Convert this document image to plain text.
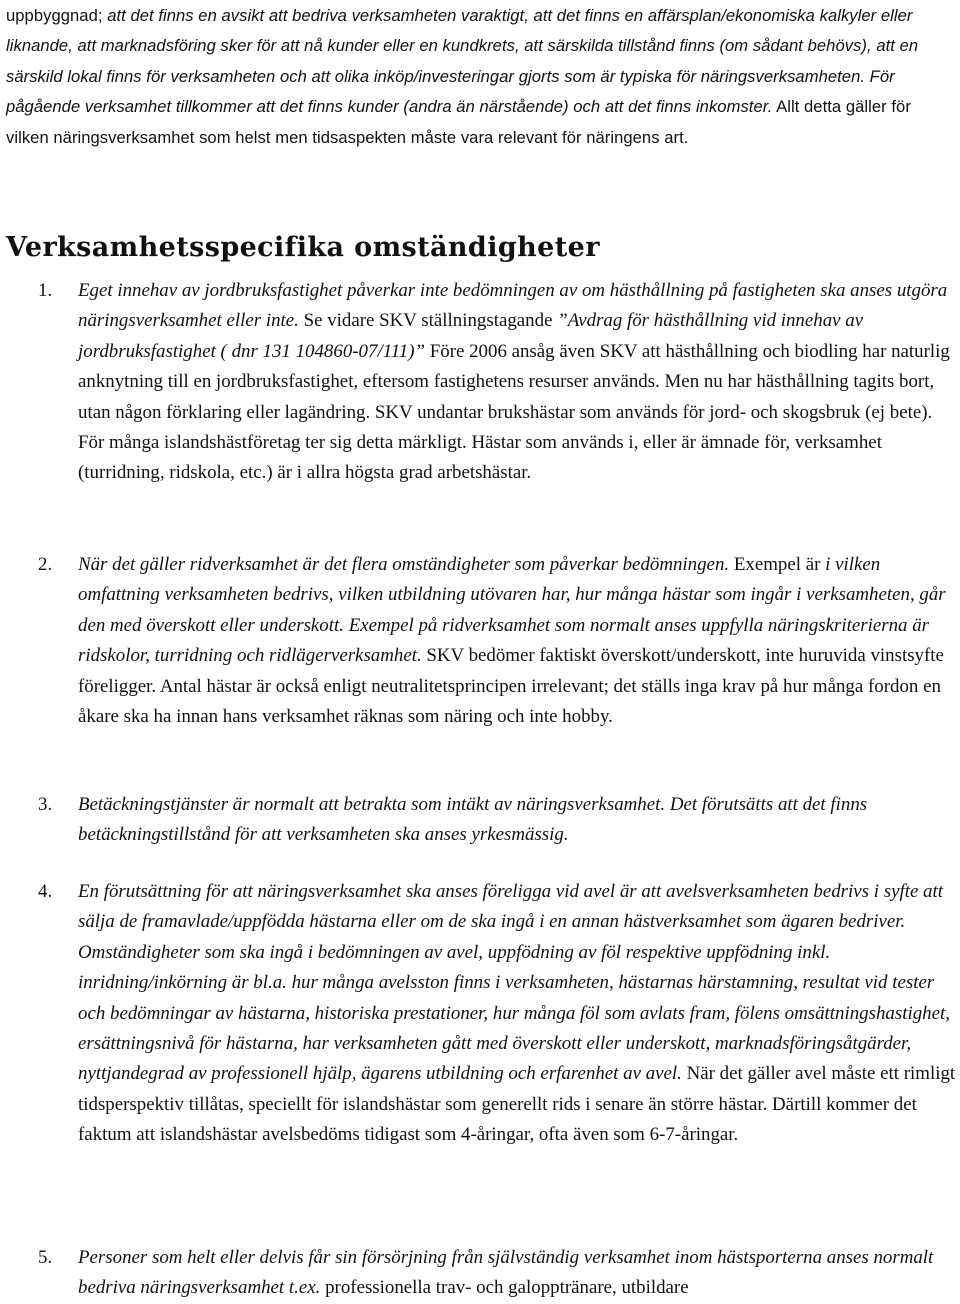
uppbyggnad; att det finns en avsikt att bedriva verksamheten varaktigt, att det finns en affärsplan/ekonomiska kalkyler eller liknande, att marknadsföring sker för att nå kunder eller en kundkrets, att särskilda tillstånd finns (om sådant behövs), att en särskild lokal finns för verksamheten och att olika inköp/investeringar gjorts som är typiska för näringsverksamheten. För pågående verksamhet tillkommer att det finns kunder (andra än närstående) och att det finns inkomster. Allt detta gäller för vilken näringsverksamhet som helst men tidsaspekten måste vara relevant för näringens art.

Verksamhetsspecifika omständigheter
1. Eget innehav av jordbruksfastighet påverkar inte bedömningen av om hästhållning på fastigheten ska anses utgöra näringsverksamhet eller inte. Se vidare SKV ställningstagande ”Avdrag för hästhållning vid innehav av jordbruksfastighet ( dnr 131 104860-07/111)” Före 2006 ansåg även SKV att hästhållning och biodling har naturlig anknytning till en jordbruksfastighet, eftersom fastighetens resurser används. Men nu har hästhållning tagits bort, utan någon förklaring eller lagändring. SKV undantar brukshästar som används för jord- och skogsbruk (ej bete). För många islandshästföretag ter sig detta märkligt. Hästar som används i, eller är ämnade för, verksamhet (turridning, ridskola, etc.) är i allra högsta grad arbetshästar.
2. När det gäller ridverksamhet är det flera omständigheter som påverkar bedömningen. Exempel är i vilken omfattning verksamheten bedrivs, vilken utbildning utövaren har, hur många hästar som ingår i verksamheten, går den med överskott eller underskott. Exempel på ridverksamhet som normalt anses uppfylla näringskriterierna är ridskolor, turridning och ridlägerverksamhet. SKV bedömer faktiskt överskott/underskott, inte huruvida vinstsyfte föreligger. Antal hästar är också enligt neutralitetsprincipen irrelevant; det ställs inga krav på hur många fordon en åkare ska ha innan hans verksamhet räknas som näring och inte hobby.
3. Betäckningstjänster är normalt att betrakta som intäkt av näringsverksamhet. Det förutsätts att det finns betäckningstillstånd för att verksamheten ska anses yrkesmässig.
4. En förutsättning för att näringsverksamhet ska anses föreligga vid avel är att avelsverksamheten bedrivs i syfte att sälja de framavlade/uppfödda hästarna eller om de ska ingå i en annan hästverksamhet som ägaren bedriver. Omständigheter som ska ingå i bedömningen av avel, uppfödning av föl respektive uppfödning inkl. inridning/inkörning är bl.a. hur många avelsston finns i verksamheten, hästarnas härstamning, resultat vid tester och bedömningar av hästarna, historiska prestationer, hur många föl som avlats fram, fölens omsättningshastighet, ersättningsnivå för hästarna, har verksamheten gått med överskott eller underskott, marknadsföringsåtgärder, nyttjandegrad av professionell hjälp, ägarens utbildning och erfarenhet av avel. När det gäller avel måste ett rimligt tidsperspektiv tillåtas, speciellt för islandshästar som generellt rids i senare än större hästar. Därtill kommer det faktum att islandshästar avelsbedöms tidigast som 4-åringar, ofta även som 6-7-åringar.
5. Personer som helt eller delvis får sin försörjning från självständig verksamhet inom hästsporterna anses normalt bedriva näringsverksamhet t.ex. professionella trav- och galopptränare, utbildare
